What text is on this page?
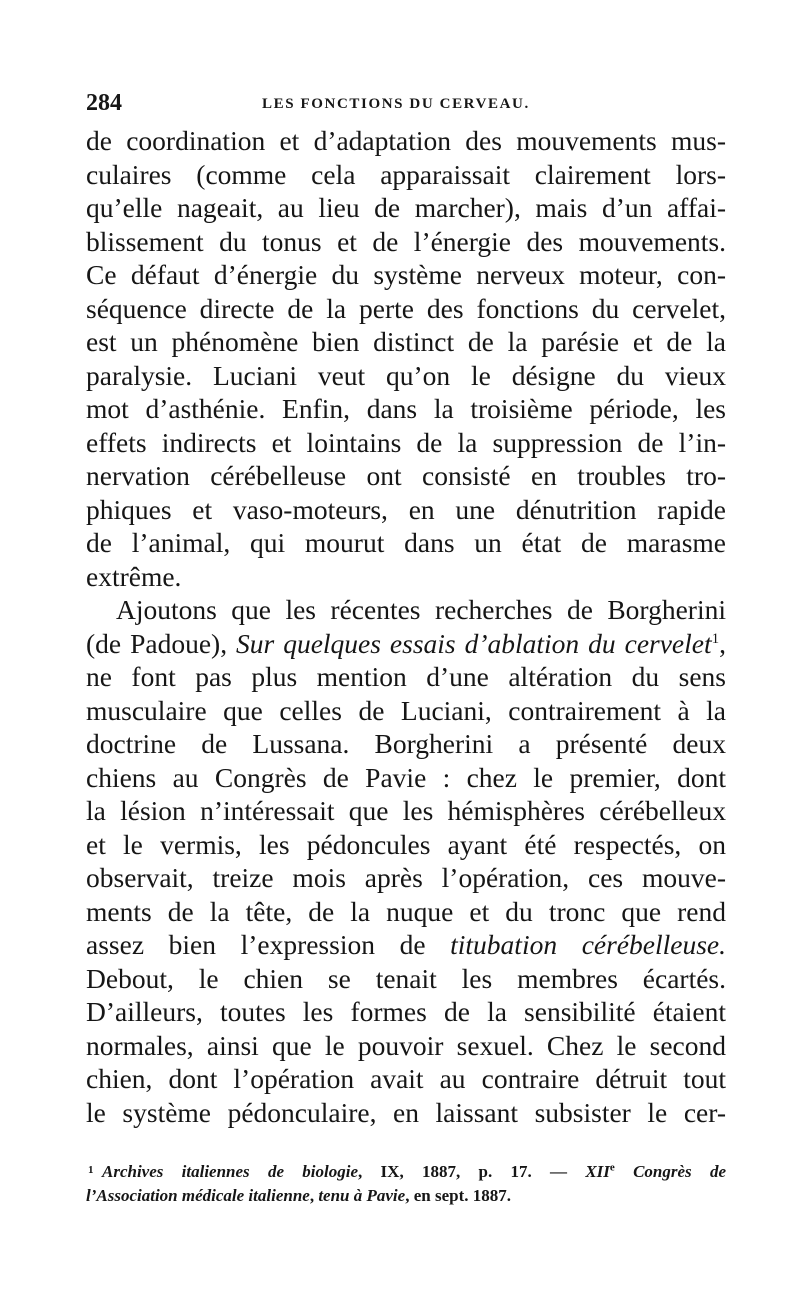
284	LES FONCTIONS DU CERVEAU.
de coordination et d’adaptation des mouvements mus-
culaires (comme cela apparaissait clairement lors-
qu’elle nageait, au lieu de marcher), mais d’un affai-
blissement du tonus et de l’énergie des mouvements.
Ce défaut d’énergie du système nerveux moteur, con-
séquence directe de la perte des fonctions du cervelet,
est un phénomène bien distinct de la parésie et de la
paralysie. Luciani veut qu’on le désigne du vieux
mot d’asthénie. Enfin, dans la troisième période, les
effets indirects et lointains de la suppression de l’in-
nervation cérébelleuse ont consisté en troubles tro-
phiques et vaso-moteurs, en une dénutrition rapide
de l’animal, qui mourut dans un état de marasme
extrême.
Ajoutons que les récentes recherches de Borgherini
(de Padoue), Sur quelques essais d’ablation du cervelet$^1$,
ne font pas plus mention d’une altération du sens
musculaire que celles de Luciani, contrairement à la
doctrine de Lussana. Borgherini a présenté deux
chiens au Congrès de Pavie : chez le premier, dont
la lésion n’intéressait que les hémisphères cérébelleux
et le vermis, les pédoncules ayant été respectés, on
observait, treize mois après l’opération, ces mouve-
ments de la tête, de la nuque et du tronc que rend
assez bien l’expression de titubation cérébelleuse.
Debout, le chien se tenait les membres écartés.
D’ailleurs, toutes les formes de la sensibilité étaient
normales, ainsi que le pouvoir sexuel. Chez le second
chien, dont l’opération avait au contraire détruit tout
le système pédonculaire, en laissant subsister le cer-
1 Archives italiennes de biologie, IX, 1887, p. 17. — XIIe Congrès de
l’Association médicale italienne, tenu à Pavie, en sept. 1887.
